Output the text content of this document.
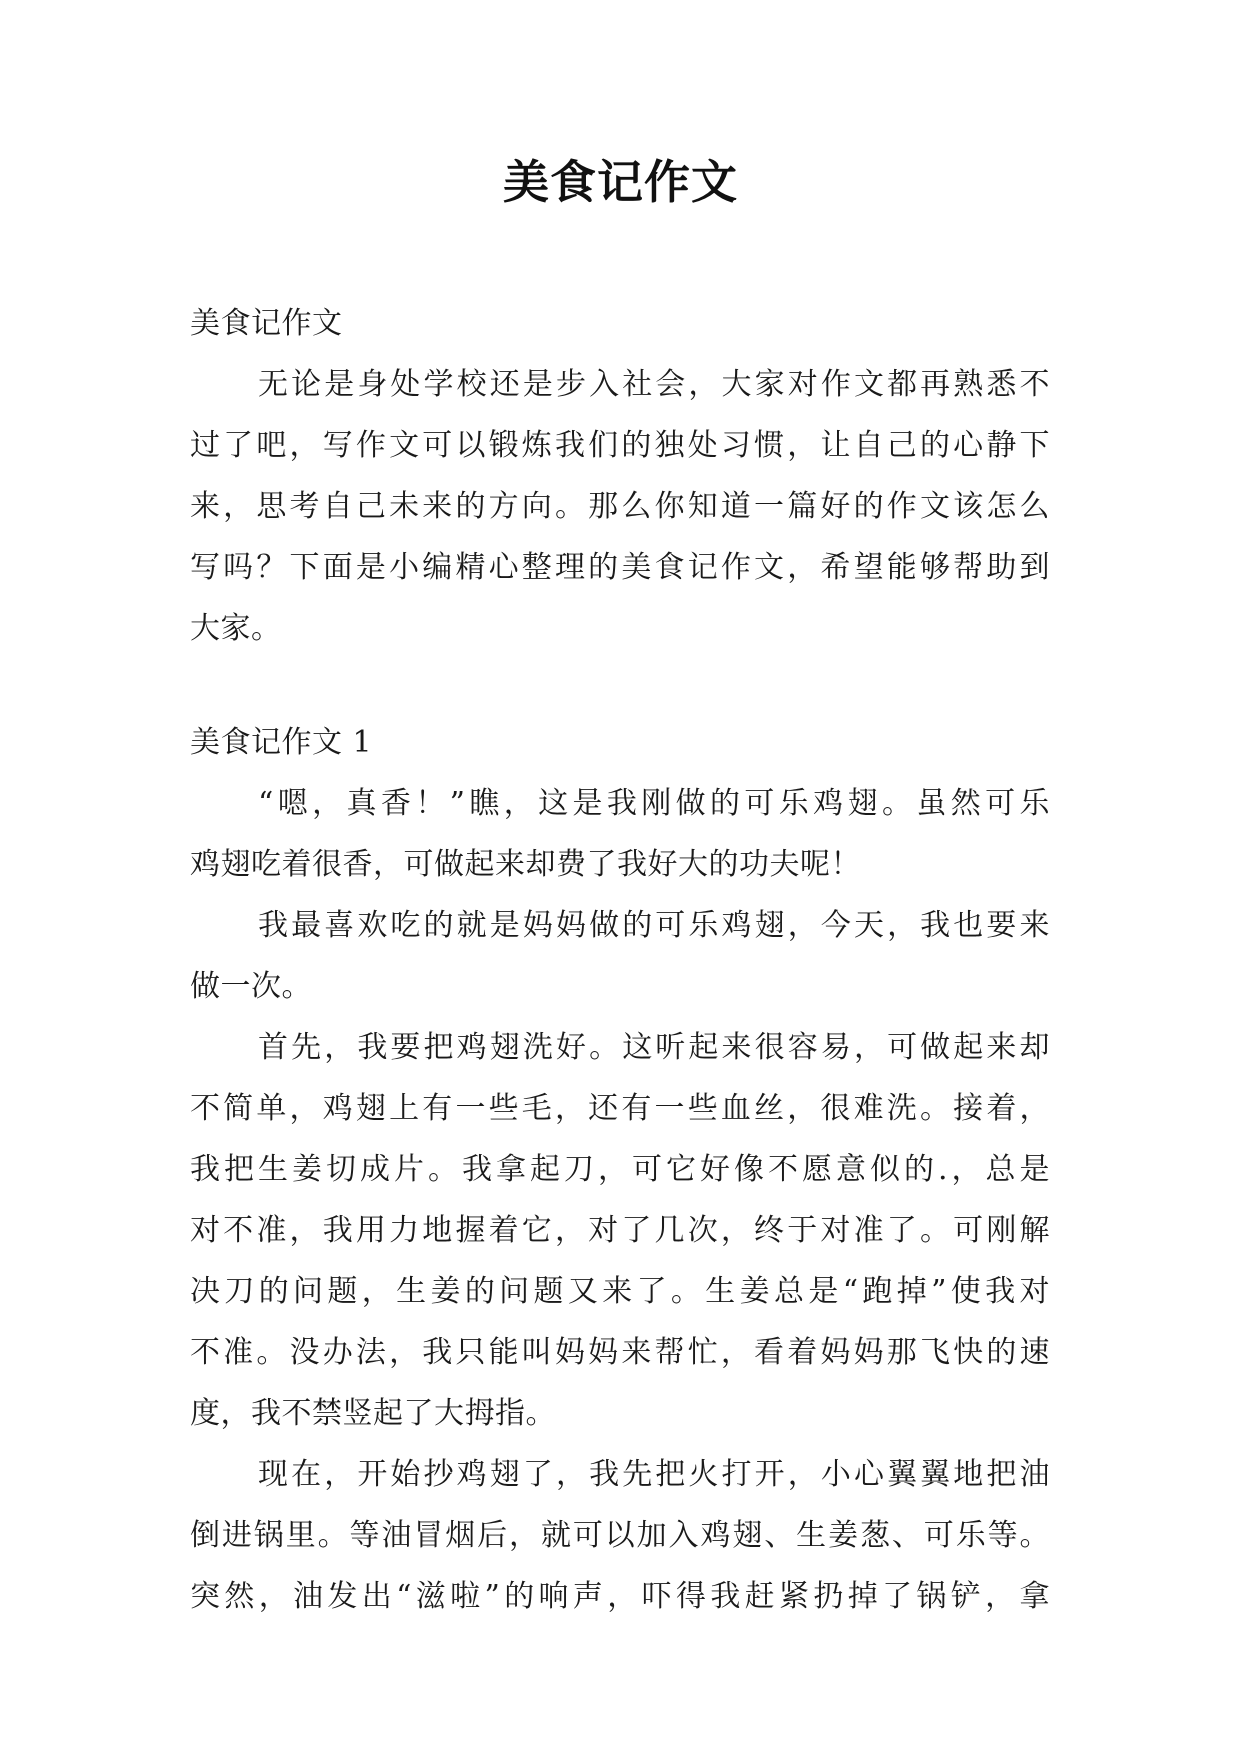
美食记作文
美食记作文
无论是身处学校还是步入社会，大家对作文都再熟悉不
过了吧，写作文可以锻炼我们的独处习惯，让自己的心静下
来，思考自己未来的方向。那么你知道一篇好的作文该怎么
写吗？下面是小编精心整理的美食记作文，希望能够帮助到
大家。
美食记作文 1
“嗯，真香！”瞧，这是我刚做的可乐鸡翅。虽然可乐
鸡翅吃着很香，可做起来却费了我好大的功夫呢！
我最喜欢吃的就是妈妈做的可乐鸡翅，今天，我也要来
做一次。
首先，我要把鸡翅洗好。这听起来很容易，可做起来却
不简单，鸡翅上有一些毛，还有一些血丝，很难洗。接着，
我把生姜切成片。我拿起刀，可它好像不愿意似的.，总是
对不准，我用力地握着它，对了几次，终于对准了。可刚解
决刀的问题，生姜的问题又来了。生姜总是“跑掉”使我对
不准。没办法，我只能叫妈妈来帮忙，看着妈妈那飞快的速
度，我不禁竖起了大拇指。
现在，开始抄鸡翅了，我先把火打开，小心翼翼地把油
倒进锅里。等油冒烟后，就可以加入鸡翅、生姜葱、可乐等。
突然，油发出“滋啦”的响声，吓得我赶紧扔掉了锅铲，拿
